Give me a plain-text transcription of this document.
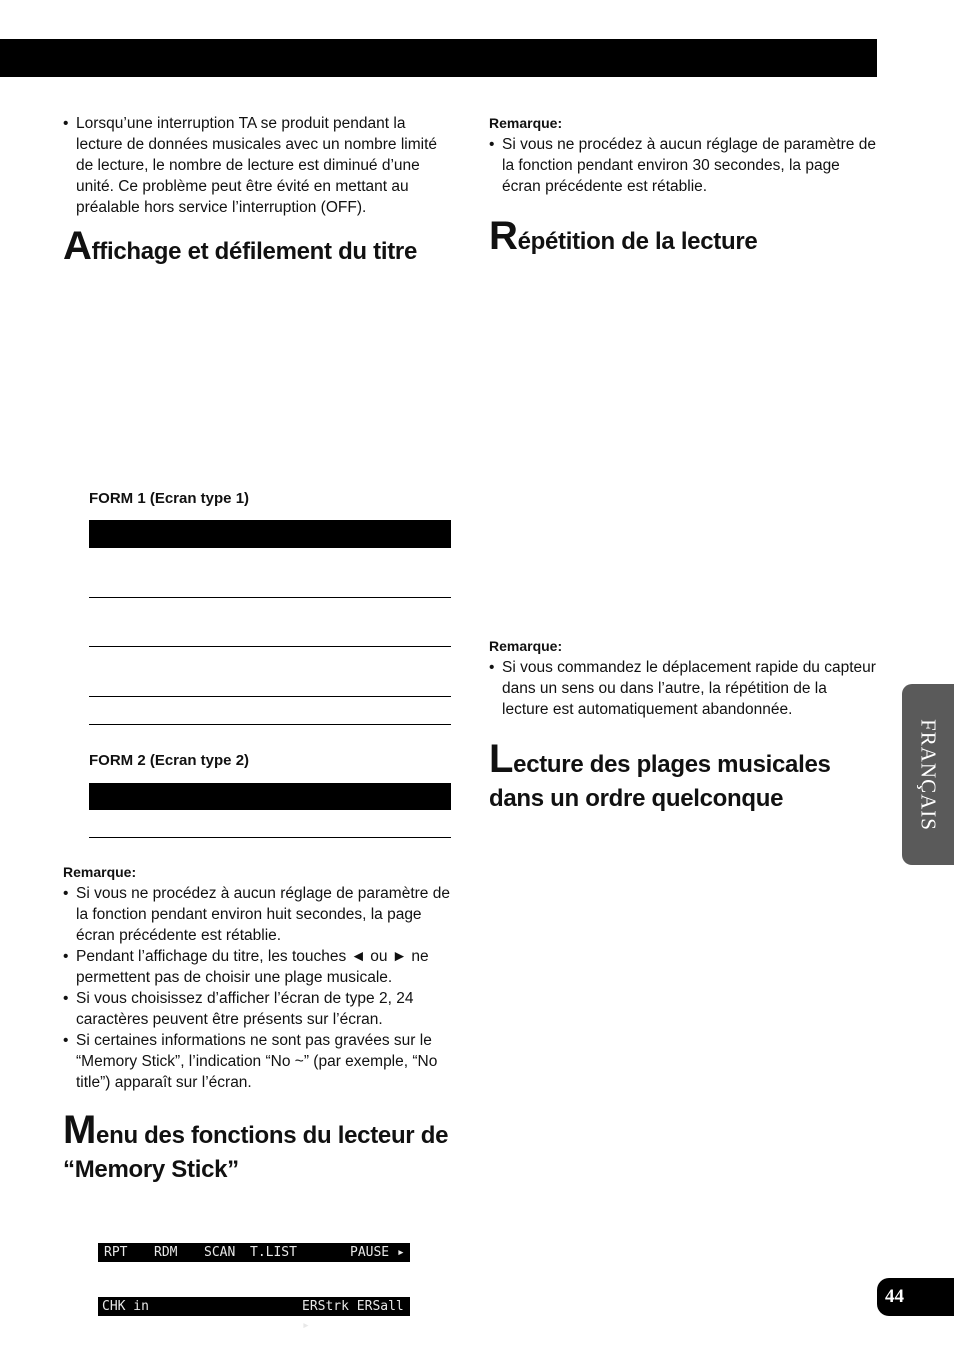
• Lorsqu’une interruption TA se produit pendant la lecture de données musicales avec un nombre limité de lecture, le nombre de lecture est diminué d’une unité. Ce problème peut être évité en mettant au préalable hors service l’interruption (OFF).

Affichage et défilement du titre
FORM 1 (Ecran type 1)
FORM 2 (Ecran type 2)

Remarque:

• Si vous ne procédez à aucun réglage de paramètre de la fonction pendant environ huit secondes, la page écran précédente est rétablie.

• Pendant l’affichage du titre, les touches ◄ ou ► ne permettent pas de choisir une plage musicale.

• Si vous choisissez d’afficher l’écran de type 2, 24 caractères peuvent être présents sur l’écran.

• Si certaines informations ne sont pas gravées sur le “Memory Stick”, l’indication “No ~” (par exemple, “No title”) apparaît sur l’écran.

Menu des fonctions du lecteur de
“Memory Stick”
RPT RDM SCAN T.LIST	PAUSE ▸
CHK in	ERStrk ERSall ▸

Remarque:

• Si vous ne procédez à aucun réglage de paramètre de la fonction pendant environ 30 secondes, la page écran précédente est rétablie.

Répétition de la lecture

Remarque:

• Si vous commandez le déplacement rapide du capteur dans un sens ou dans l’autre, la répétition de la lecture est automatiquement abandonnée.

Lecture des plages musicales
dans un ordre quelconque	FRANÇAIS
44
